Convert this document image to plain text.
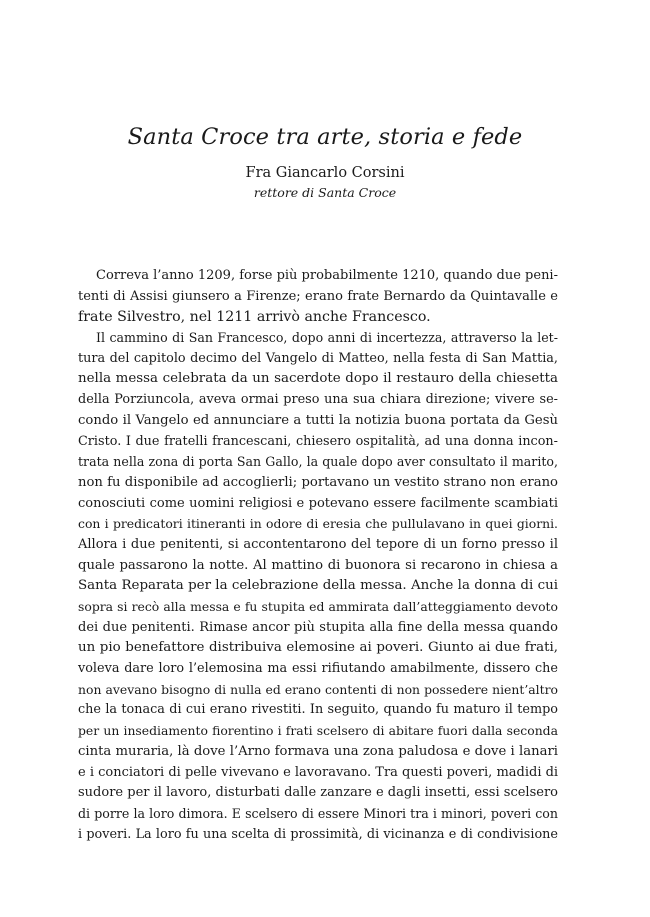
Santa Croce tra arte, storia e fede

Fra Giancarlo Corsini

rettore di Santa Croce

Correva l’anno 1209, forse più probabilmente 1210, quando due peni-
tenti di Assisi giunsero a Firenze; erano frate Bernardo da Quintavalle e
frate Silvestro, nel 1211 arrivò anche Francesco.
Il cammino di San Francesco, dopo anni di incertezza, attraverso la let-
tura del capitolo decimo del Vangelo di Matteo, nella festa di San Mattia,
nella messa celebrata da un sacerdote dopo il restauro della chiesetta
della Porziuncola, aveva ormai preso una sua chiara direzione; vivere se-
condo il Vangelo ed annunciare a tutti la notizia buona portata da Gesù
Cristo. I due fratelli francescani, chiesero ospitalità, ad una donna incon-
trata nella zona di porta San Gallo, la quale dopo aver consultato il marito,
non fu disponibile ad accoglierli; portavano un vestito strano non erano
conosciuti come uomini religiosi e potevano essere facilmente scambiati
con i predicatori itineranti in odore di eresia che pullulavano in quei giorni.
Allora i due penitenti, si accontentarono del tepore di un forno presso il
quale passarono la notte. Al mattino di buonora si recarono in chiesa a
Santa Reparata per la celebrazione della messa. Anche la donna di cui
sopra si recò alla messa e fu stupita ed ammirata dall’atteggiamento devoto
dei due penitenti. Rimase ancor più stupita alla fine della messa quando
un pio benefattore distribuiva elemosine ai poveri. Giunto ai due frati,
voleva dare loro l’elemosina ma essi rifiutando amabilmente, dissero che
non avevano bisogno di nulla ed erano contenti di non possedere nient’altro
che la tonaca di cui erano rivestiti. In seguito, quando fu maturo il tempo
per un insediamento fiorentino i frati scelsero di abitare fuori dalla seconda
cinta muraria, là dove l’Arno formava una zona paludosa e dove i lanari
e i conciatori di pelle vivevano e lavoravano. Tra questi poveri, madidi di
sudore per il lavoro, disturbati dalle zanzare e dagli insetti, essi scelsero
di porre la loro dimora. E scelsero di essere Minori tra i minori, poveri con
i poveri. La loro fu una scelta di prossimità, di vicinanza e di condivisione
